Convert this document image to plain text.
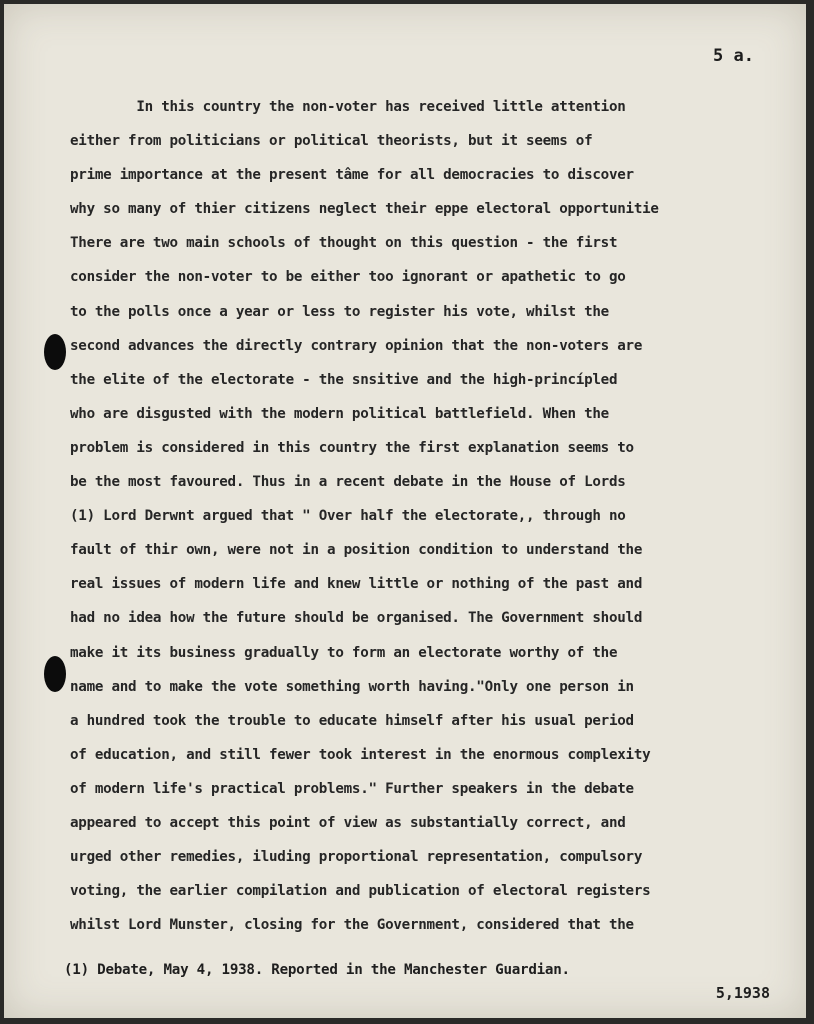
5 a.
In this country the non-voter has received little attention
either from politicians or political theorists, but it seems of
prime importance at the present tâme for all democracies to discover
why so many of thier citizens neglect their eppe electoral opportunitie
There are two main schools of thought on this question - the first
consider the non-voter to be either too ignorant or apathetic to go
to the polls once a year or less to register his vote, whilst the
second advances the directly contrary opinion that the non-voters are
the elite of the electorate - the snsitive and the high-princípled
who are disgusted with the modern political battlefield. When the
problem is considered in this country the first explanation seems to
be the most favoured. Thus in a recent debate in the House of Lords
(1) Lord Derwnt argued that " Over half the electorate,, through no
fault of thir own, were not in a position condition to understand the
real issues of modern life and knew little or nothing of the past and
had no idea how the future should be organised. The Government should
make it its business gradually to form an electorate worthy of the
name and to make the vote something worth having."Only one person in
a hundred took the trouble to educate himself after his usual period
of education, and still fewer took interest in the enormous complexity
of modern life's practical problems." Further speakers in the debate
appeared to accept this point of view as substantially correct, and
urged other remedies, iluding proportional representation, compulsory
voting, the earlier compilation and publication of electoral registers
whilst Lord Munster, closing for the Government, considered that the
(1) Debate, May 4, 1938. Reported in the Manchester Guardian.
5,1938
